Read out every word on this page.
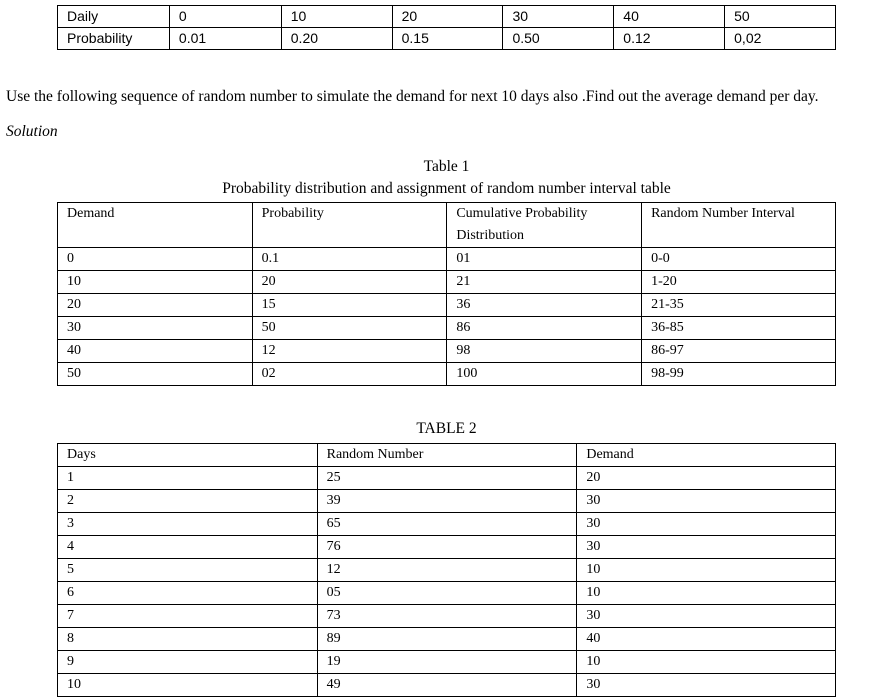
Daily	0	10	20	30	40	50
Probability	0.01	0.20	0.15	0.50	0.12	0,02
Use the following sequence of random number to simulate the demand for next 10 days also .Find out the average demand per day.
Solution
Table 1
Probability distribution and assignment of random number interval table
Demand	Probability	Cumulative Probability Distribution	Random Number Interval
0	0.1	01	0-0
10	20	21	1-20
20	15	36	21-35
30	50	86	36-85
40	12	98	86-97
50	02	100	98-99
TABLE 2
Days	Random Number	Demand
1	25	20
2	39	30
3	65	30
4	76	30
5	12	10
6	05	10
7	73	30
8	89	40
9	19	10
10	49	30
